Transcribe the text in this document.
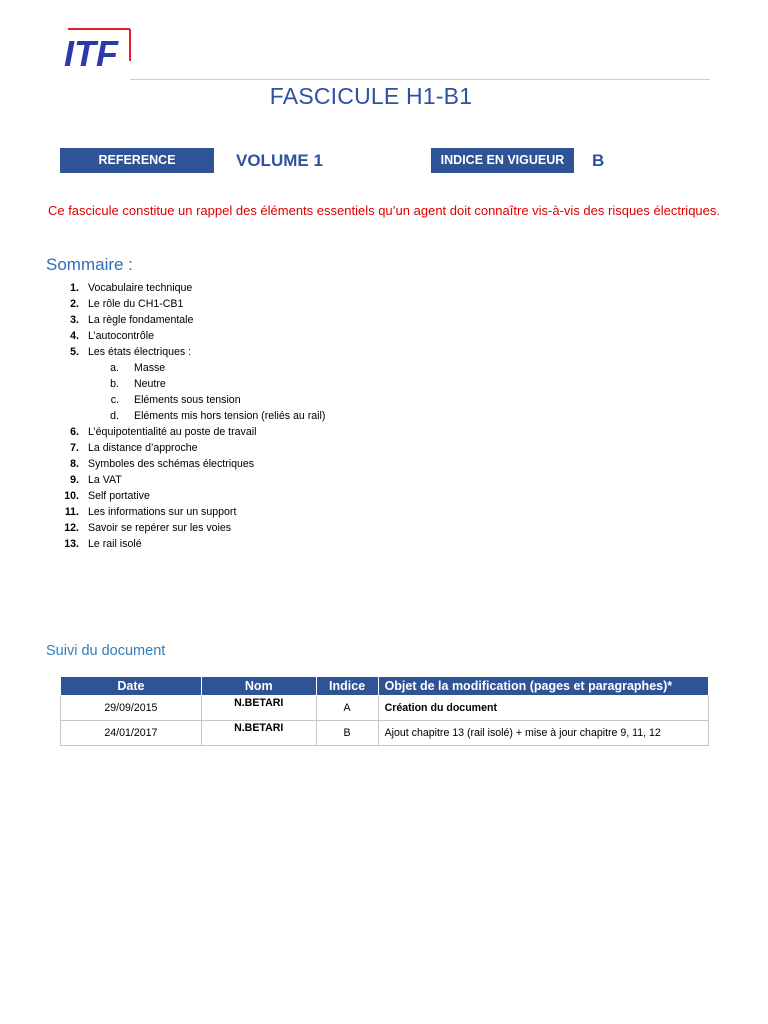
ITF
FASCICULE H1-B1
REFERENCE	VOLUME 1	INDICE EN VIGUEUR	B
Ce fascicule constitue un rappel des éléments essentiels qu’un agent doit connaître vis-à-vis des risques électriques.
Sommaire :
1. Vocabulaire technique
2. Le rôle du CH1-CB1
3. La règle fondamentale
4. L’autocontrôle
5. Les états électriques :
a. Masse
b. Neutre
c. Eléments sous tension
d. Eléments mis hors tension (reliés au rail)
6. L’équipotentialité au poste de travail
7. La distance d’approche
8. Symboles des schémas électriques
9. La VAT
10. Self portative
11. Les informations sur un support
12. Savoir se repérer sur les voies
13. Le rail isolé
Suivi du document
Date	Nom	Indice	Objet de la modification (pages et paragraphes)*
29/09/2015	N.BETARI	A	Création du document
24/01/2017	N.BETARI	B	Ajout chapitre 13 (rail isolé) + mise à jour chapitre 9, 11, 12
